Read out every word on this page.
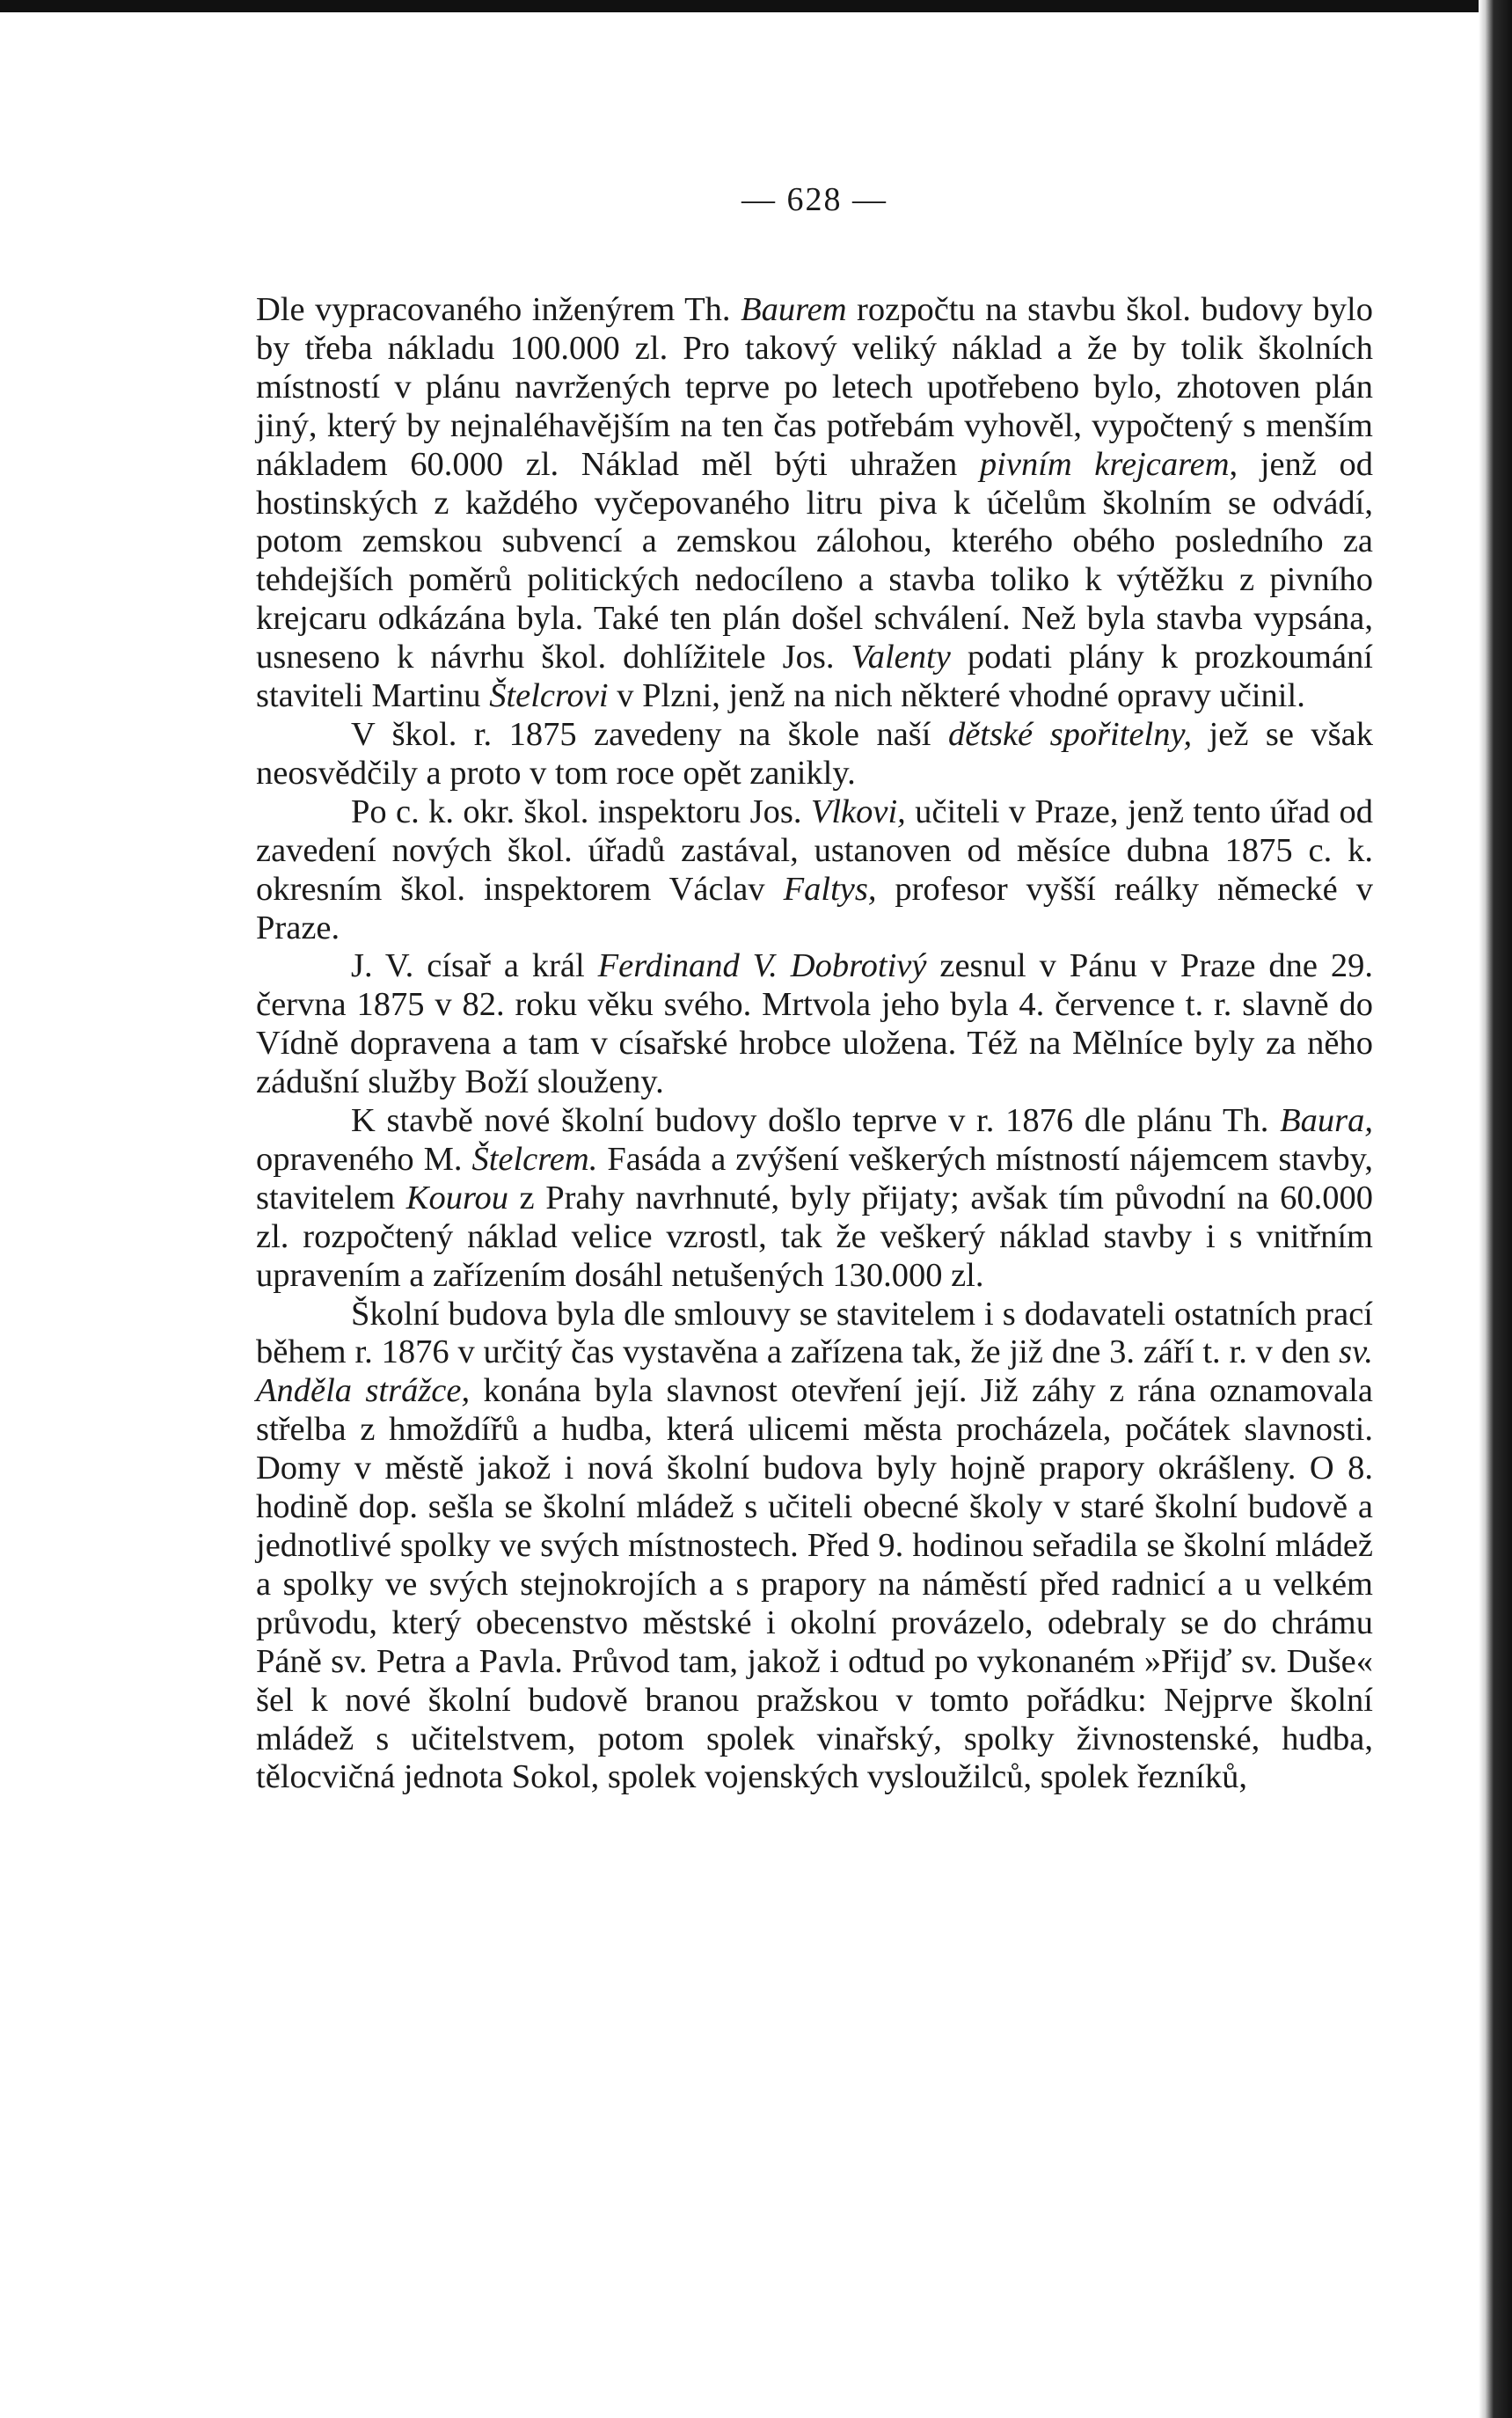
— 628 —

Dle vypracovaného inženýrem Th. Baurem rozpočtu na stavbu škol. budovy bylo by třeba nákladu 100.000 zl. Pro takový veliký náklad a že by tolik školních místností v plánu navržených teprve po letech upotřebeno bylo, zhotoven plán jiný, který by nejnaléhavějším na ten čas potřebám vyhověl, vypočtený s menším nákladem 60.000 zl. Náklad měl býti uhražen pivním krejcarem, jenž od hostinských z každého vyčepovaného litru piva k účelům školním se odvádí, potom zemskou subvencí a zemskou zálohou, kterého obého posledního za tehdejších poměrů politických nedocíleno a stavba toliko k výtěžku z pivního krejcaru odkázána byla. Také ten plán došel schválení. Než byla stavba vypsána, usneseno k návrhu škol. dohlížitele Jos. Valenty podati plány k prozkoumání staviteli Martinu Štelcrovi v Plzni, jenž na nich některé vhodné opravy učinil.

V škol. r. 1875 zavedeny na škole naší dětské spořitelny, jež se však neosvědčily a proto v tom roce opět zanikly.

Po c. k. okr. škol. inspektoru Jos. Vlkovi, učiteli v Praze, jenž tento úřad od zavedení nových škol. úřadů zastával, ustanoven od měsíce dubna 1875 c. k. okresním škol. inspektorem Václav Faltys, profesor vyšší reálky německé v Praze.

J. V. císař a král Ferdinand V. Dobrotivý zesnul v Pánu v Praze dne 29. června 1875 v 82. roku věku svého. Mrtvola jeho byla 4. července t. r. slavně do Vídně dopravena a tam v císařské hrobce uložena. Též na Mělníce byly za něho zádušní služby Boží slouženy.

K stavbě nové školní budovy došlo teprve v r. 1876 dle plánu Th. Baura, opraveného M. Štelcrem. Fasáda a zvýšení veškerých místností nájemcem stavby, stavitelem Kourou z Prahy navrhnuté, byly přijaty; avšak tím původní na 60.000 zl. rozpočtený náklad velice vzrostl, tak že veškerý náklad stavby i s vnitřním upravením a zařízením dosáhl netušených 130.000 zl.

Školní budova byla dle smlouvy se stavitelem i s dodavateli ostatních prací během r. 1876 v určitý čas vystavěna a zařízena tak, že již dne 3. září t. r. v den sv. Anděla strážce, konána byla slavnost otevření její. Již záhy z rána oznamovala střelba z hmoždířů a hudba, která ulicemi města procházela, počátek slavnosti. Domy v městě jakož i nová školní budova byly hojně prapory okrášleny. O 8. hodině dop. sešla se školní mládež s učiteli obecné školy v staré školní budově a jednotlivé spolky ve svých místnostech. Před 9. hodinou seřadila se školní mládež a spolky ve svých stejnokrojích a s prapory na náměstí před radnicí a u velkém průvodu, který obecenstvo městské i okolní provázelo, odebraly se do chrámu Páně sv. Petra a Pavla. Průvod tam, jakož i odtud po vykonaném »Přijď sv. Duše« šel k nové školní budově branou pražskou v tomto pořádku: Nejprve školní mládež s učitelstvem, potom spolek vinařský, spolky živnostenské, hudba, tělocvičná jednota Sokol, spolek vojenských vysloužilců, spolek řezníků,
